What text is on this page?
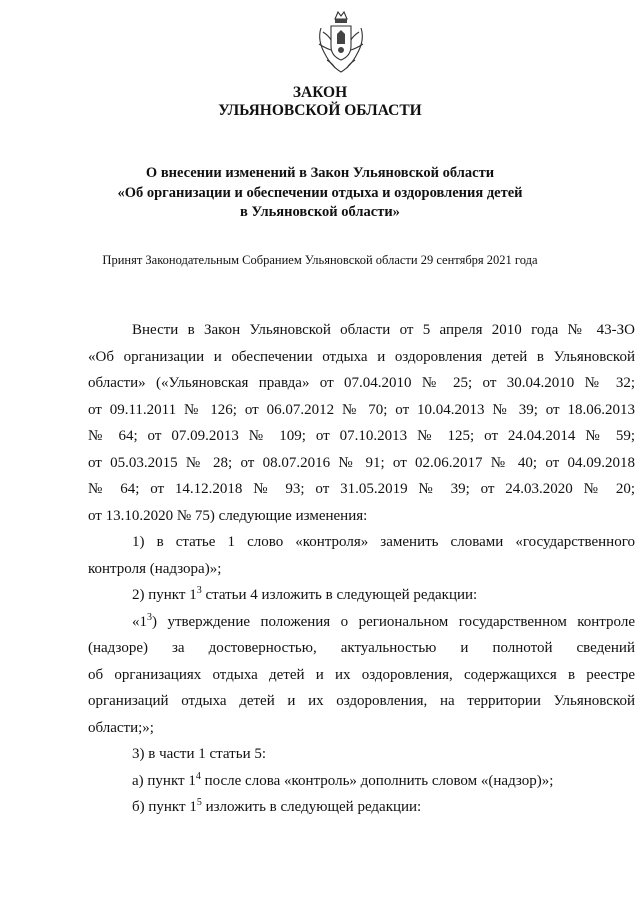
ЗАКОН
УЛЬЯНОВСКОЙ ОБЛАСТИ
О внесении изменений в Закон Ульяновской области
«Об организации и обеспечении отдыха и оздоровления детей
в Ульяновской области»
Принят Законодательным Собранием Ульяновской области 29 сентября 2021 года
Внести в Закон Ульяновской области от 5 апреля 2010 года № 43-ЗО
«Об организации и обеспечении отдыха и оздоровления детей в Ульяновской
области» («Ульяновская правда» от 07.04.2010 № 25; от 30.04.2010 № 32;
от 09.11.2011 № 126; от 06.07.2012 № 70; от 10.04.2013 № 39; от 18.06.2013
№ 64; от 07.09.2013 № 109; от 07.10.2013 № 125; от 24.04.2014 № 59;
от 05.03.2015 № 28; от 08.07.2016 № 91; от 02.06.2017 № 40; от 04.09.2018
№ 64; от 14.12.2018 № 93; от 31.05.2019 № 39; от 24.03.2020 № 20;
от 13.10.2020 № 75) следующие изменения:
1) в статье 1 слово «контроля» заменить словами «государственного
контроля (надзора)»;
2) пункт $1^3$ статьи 4 изложить в следующей редакции:
«$1^3$) утверждение положения о региональном государственном контроле
(надзоре) за достоверностью, актуальностью и полнотой сведений
об организациях отдыха детей и их оздоровления, содержащихся в реестре
организаций отдыха детей и их оздоровления, на территории Ульяновской
области;»;
3) в части 1 статьи 5:
а) пункт $1^4$ после слова «контроль» дополнить словом «(надзор)»;
б) пункт $1^5$ изложить в следующей редакции:
